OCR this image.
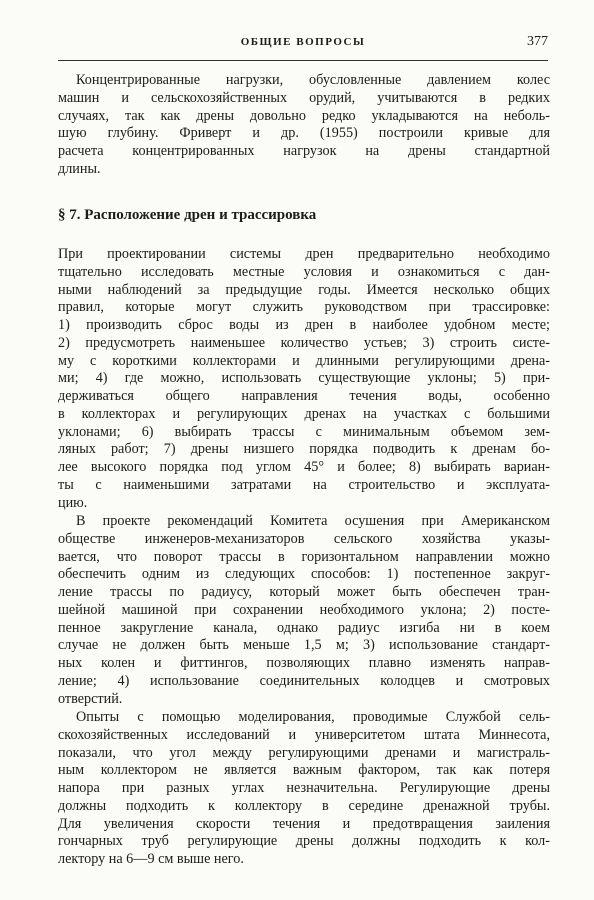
ОБЩИЕ ВОПРОСЫ	377
Концентрированные нагрузки, обусловленные давлением колес
машин и сельскохозяйственных орудий, учитываются в редких
случаях, так как дрены довольно редко укладываются на неболь-
шую глубину. Фриверт и др. (1955) построили кривые для
расчета концентрированных нагрузок на дрены стандартной
длины.
§ 7. Расположение дрен и трассировка
При проектировании системы дрен предварительно необходимо
тщательно исследовать местные условия и ознакомиться с дан-
ными наблюдений за предыдущие годы. Имеется несколько общих
правил, которые могут служить руководством при трассировке:
1) производить сброс воды из дрен в наиболее удобном месте;
2) предусмотреть наименьшее количество устьев; 3) строить систе-
му с короткими коллекторами и длинными регулирующими дрена-
ми; 4) где можно, использовать существующие уклоны; 5) при-
держиваться общего направления течения воды, особенно
в коллекторах и регулирующих дренах на участках с большими
уклонами; 6) выбирать трассы с минимальным объемом зем-
ляных работ; 7) дрены низшего порядка подводить к дренам бо-
лее высокого порядка под углом 45° и более; 8) выбирать вариан-
ты с наименьшими затратами на строительство и эксплуата-
цию.
В проекте рекомендаций Комитета осушения при Американском
обществе инженеров-механизаторов сельского хозяйства указы-
вается, что поворот трассы в горизонтальном направлении можно
обеспечить одним из следующих способов: 1) постепенное закруг-
ление трассы по радиусу, который может быть обеспечен тран-
шейной машиной при сохранении необходимого уклона; 2) посте-
пенное закругление канала, однако радиус изгиба ни в коем
случае не должен быть меньше 1,5 м; 3) использование стандарт-
ных колен и фиттингов, позволяющих плавно изменять направ-
ление; 4) использование соединительных колодцев и смотровых
отверстий.
Опыты с помощью моделирования, проводимые Службой сель-
скохозяйственных исследований и университетом штата Миннесота,
показали, что угол между регулирующими дренами и магистраль-
ным коллектором не является важным фактором, так как потеря
напора при разных углах незначительна. Регулирующие дрены
должны подходить к коллектору в середине дренажной трубы.
Для увеличения скорости течения и предотвращения заиления
гончарных труб регулирующие дрены должны подходить к кол-
лектору на 6—9 см выше него.
